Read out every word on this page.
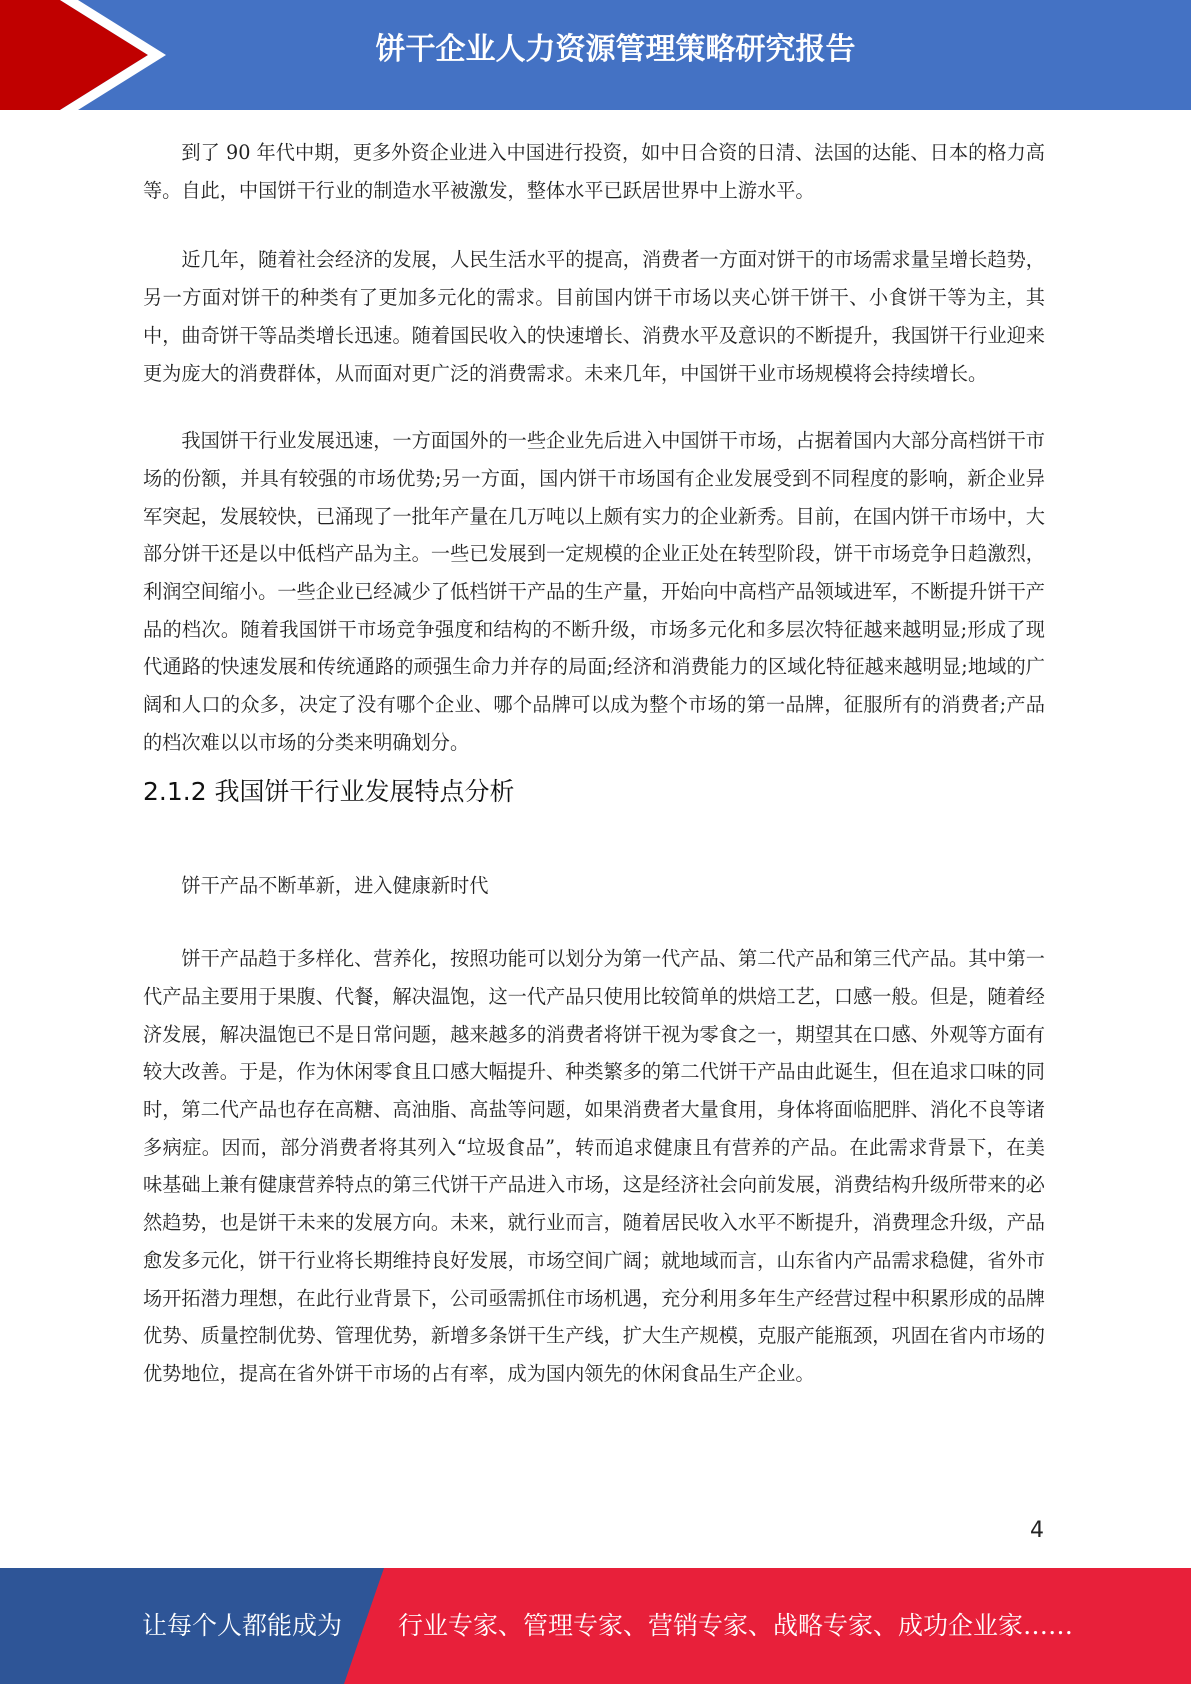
饼干企业人力资源管理策略研究报告

到了 90 年代中期，更多外资企业进入中国进行投资，如中日合资的日清、法国的达能、日本的格力高等。自此，中国饼干行业的制造水平被激发，整体水平已跃居世界中上游水平。

近几年，随着社会经济的发展，人民生活水平的提高，消费者一方面对饼干的市场需求量呈增长趋势，另一方面对饼干的种类有了更加多元化的需求。目前国内饼干市场以夹心饼干饼干、小食饼干等为主，其中，曲奇饼干等品类增长迅速。随着国民收入的快速增长、消费水平及意识的不断提升，我国饼干行业迎来更为庞大的消费群体，从而面对更广泛的消费需求。未来几年，中国饼干业市场规模将会持续增长。

我国饼干行业发展迅速，一方面国外的一些企业先后进入中国饼干市场，占据着国内大部分高档饼干市场的份额，并具有较强的市场优势;另一方面，国内饼干市场国有企业发展受到不同程度的影响，新企业异军突起，发展较快，已涌现了一批年产量在几万吨以上颇有实力的企业新秀。目前，在国内饼干市场中，大部分饼干还是以中低档产品为主。一些已发展到一定规模的企业正处在转型阶段，饼干市场竞争日趋激烈，利润空间缩小。一些企业已经减少了低档饼干产品的生产量，开始向中高档产品领域进军，不断提升饼干产品的档次。随着我国饼干市场竞争强度和结构的不断升级，市场多元化和多层次特征越来越明显;形成了现代通路的快速发展和传统通路的顽强生命力并存的局面;经济和消费能力的区域化特征越来越明显;地域的广阔和人口的众多，决定了没有哪个企业、哪个品牌可以成为整个市场的第一品牌，征服所有的消费者;产品的档次难以以市场的分类来明确划分。

2.1.2 我国饼干行业发展特点分析

饼干产品不断革新，进入健康新时代

饼干产品趋于多样化、营养化，按照功能可以划分为第一代产品、第二代产品和第三代产品。其中第一代产品主要用于果腹、代餐，解决温饱，这一代产品只使用比较简单的烘焙工艺，口感一般。但是，随着经济发展，解决温饱已不是日常问题，越来越多的消费者将饼干视为零食之一，期望其在口感、外观等方面有较大改善。于是，作为休闲零食且口感大幅提升、种类繁多的第二代饼干产品由此诞生，但在追求口味的同时，第二代产品也存在高糖、高油脂、高盐等问题，如果消费者大量食用，身体将面临肥胖、消化不良等诸多病症。因而，部分消费者将其列入“垃圾食品”，转而追求健康且有营养的产品。在此需求背景下，在美味基础上兼有健康营养特点的第三代饼干产品进入市场，这是经济社会向前发展，消费结构升级所带来的必然趋势，也是饼干未来的发展方向。未来，就行业而言，随着居民收入水平不断提升，消费理念升级，产品愈发多元化，饼干行业将长期维持良好发展，市场空间广阔；就地域而言，山东省内产品需求稳健，省外市场开拓潜力理想，在此行业背景下，公司亟需抓住市场机遇，充分利用多年生产经营过程中积累形成的品牌优势、质量控制优势、管理优势，新增多条饼干生产线，扩大生产规模，克服产能瓶颈，巩固在省内市场的优势地位，提高在省外饼干市场的占有率，成为国内领先的休闲食品生产企业。

4
让每个人都能成为 行业专家、管理专家、营销专家、战略专家、成功企业家……
